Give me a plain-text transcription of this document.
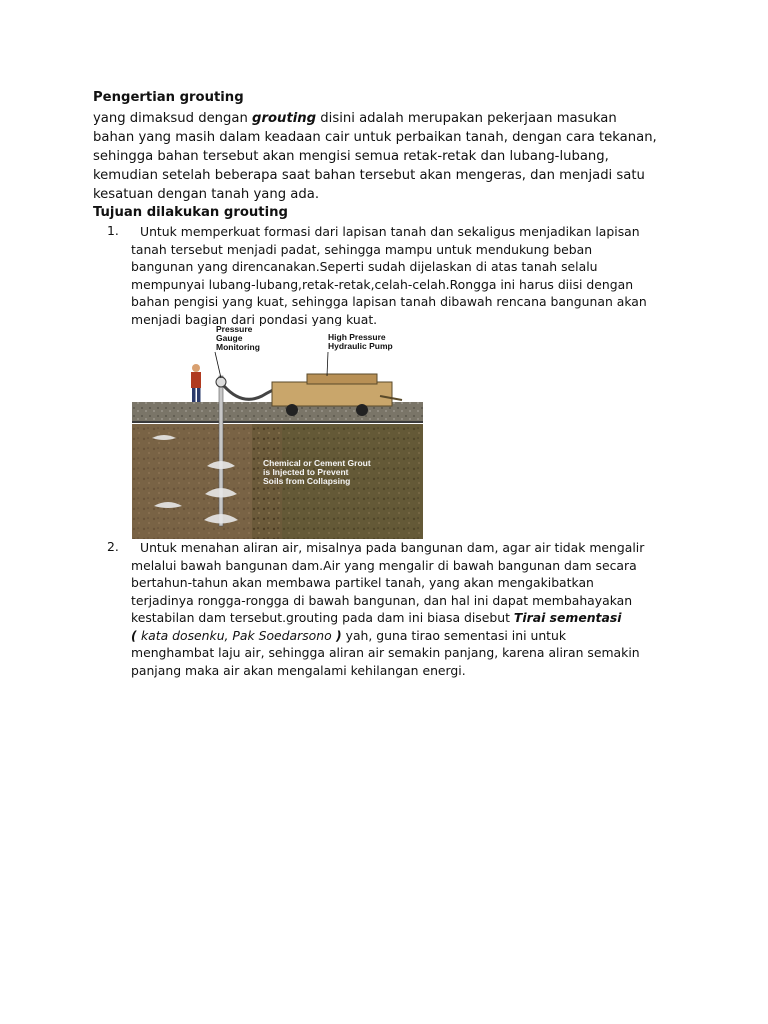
Pengertian grouting
yang dimaksud dengan grouting disini adalah merupakan pekerjaan masukan
bahan yang masih dalam keadaan cair untuk perbaikan tanah, dengan cara tekanan,
sehingga bahan tersebut akan mengisi semua retak-retak dan lubang-lubang,
kemudian setelah beberapa saat bahan tersebut akan mengeras, dan menjadi satu
kesatuan dengan tanah yang ada.
Tujuan dilakukan grouting
1.	Untuk memperkuat formasi dari lapisan tanah dan sekaligus menjadikan lapisan
tanah tersebut menjadi padat, sehingga mampu untuk mendukung beban
bangunan yang direncanakan.Seperti sudah dijelaskan di atas tanah selalu
mempunyai lubang-lubang,retak-retak,celah-celah.Rongga ini harus diisi dengan
bahan pengisi yang kuat, sehingga lapisan tanah dibawah rencana bangunan akan
menjadi bagian dari pondasi yang kuat.
Pressure
Gauge
Monitoring
High Pressure
Hydraulic Pump
Chemical or Cement Grout
is Injected to Prevent
Soils from Collapsing
2.	Untuk menahan aliran air, misalnya pada bangunan dam, agar air tidak mengalir
melalui bawah bangunan dam.Air yang mengalir di bawah bangunan dam secara
bertahun-tahun akan membawa partikel tanah, yang akan mengakibatkan
terjadinya rongga-rongga di bawah bangunan, dan hal ini dapat membahayakan
kestabilan dam tersebut.grouting pada dam ini biasa disebut Tirai sementasi
( kata dosenku, Pak Soedarsono ) yah, guna tirao sementasi ini untuk
menghambat laju air, sehingga aliran air semakin panjang, karena aliran semakin
panjang maka air akan mengalami kehilangan energi.
